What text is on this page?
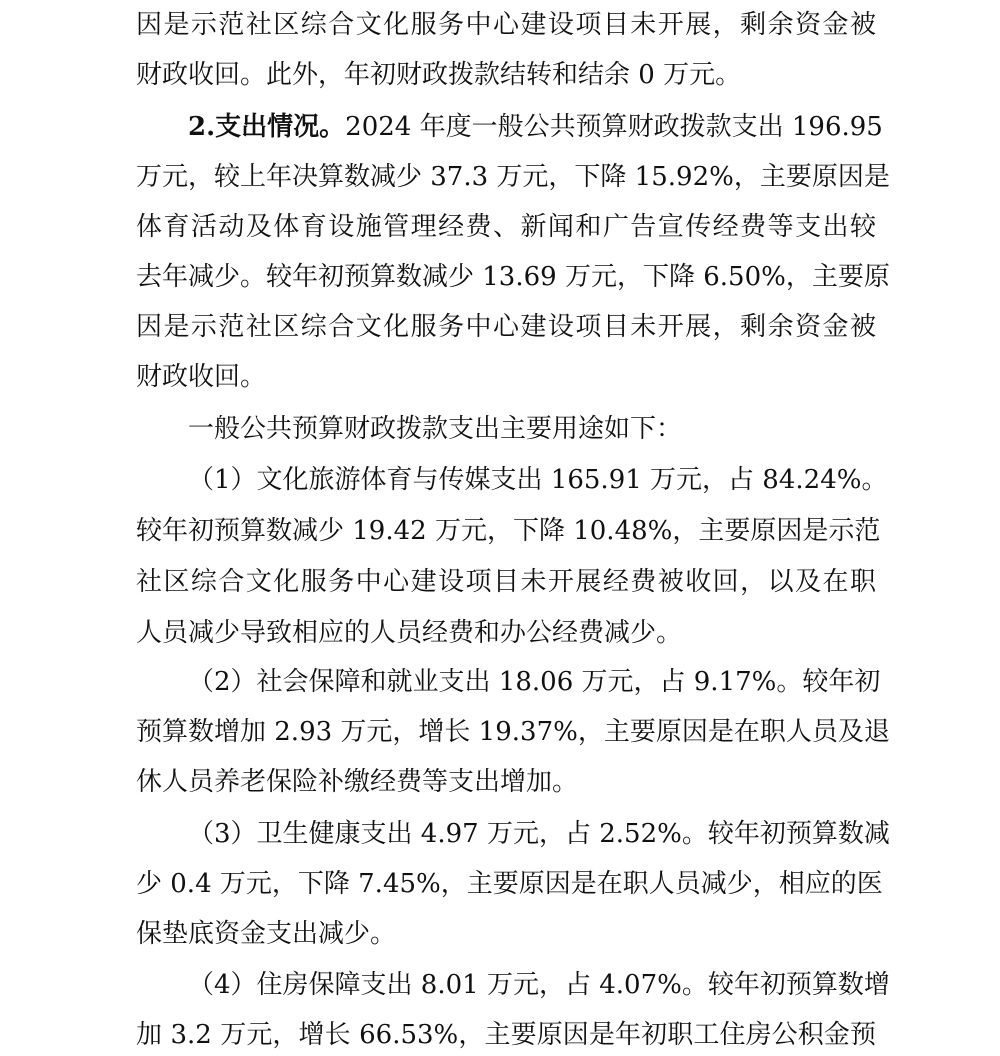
因是示范社区综合文化服务中心建设项目未开展，剩余资金被
财政收回。此外，年初财政拨款结转和结余 0 万元。
2.支出情况。2024 年度一般公共预算财政拨款支出 196.95
万元，较上年决算数减少 37.3 万元，下降 15.92%，主要原因是
体育活动及体育设施管理经费、新闻和广告宣传经费等支出较
去年减少。较年初预算数减少 13.69 万元，下降 6.50%，主要原
因是示范社区综合文化服务中心建设项目未开展，剩余资金被
财政收回。
一般公共预算财政拨款支出主要用途如下：
（1）文化旅游体育与传媒支出 165.91 万元，占 84.24%。
较年初预算数减少 19.42 万元，下降 10.48%，主要原因是示范
社区综合文化服务中心建设项目未开展经费被收回，以及在职
人员减少导致相应的人员经费和办公经费减少。
（2）社会保障和就业支出 18.06 万元，占 9.17%。较年初
预算数增加 2.93 万元，增长 19.37%，主要原因是在职人员及退
休人员养老保险补缴经费等支出增加。
（3）卫生健康支出 4.97 万元，占 2.52%。较年初预算数减
少 0.4 万元，下降 7.45%，主要原因是在职人员减少，相应的医
保垫底资金支出减少。
（4）住房保障支出 8.01 万元，占 4.07%。较年初预算数增
加 3.2 万元，增长 66.53%，主要原因是年初职工住房公积金预
